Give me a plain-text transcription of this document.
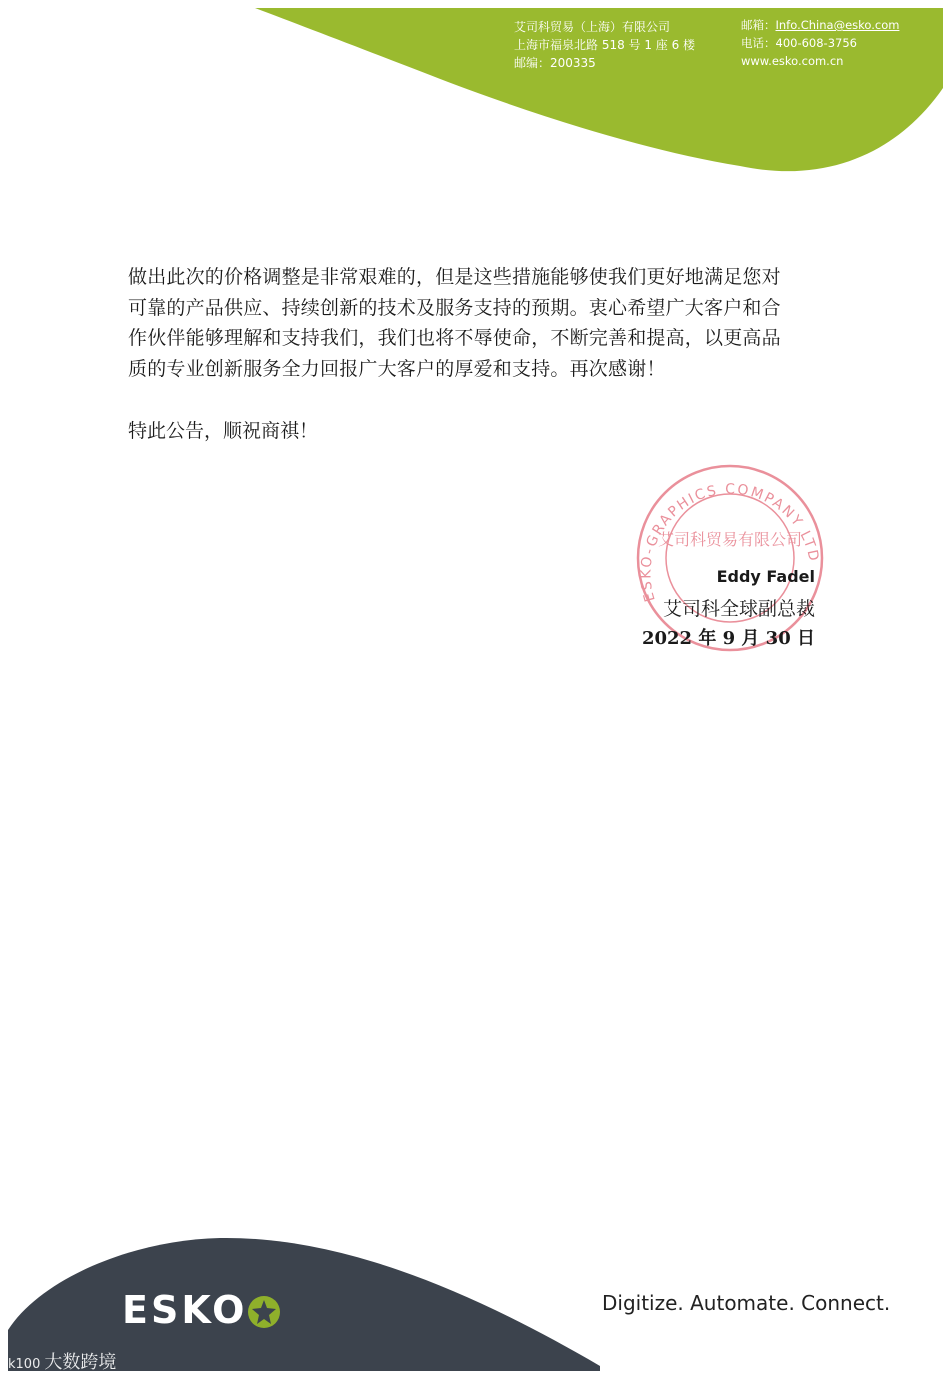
ESKO-GRAPHICS COMPANY LTD
艾司科贸易有限公司
艾司科贸易（上海）有限公司
上海市福泉北路 518 号 1 座 6 楼
邮编：200335
邮箱：Info.China@esko.com
电话：400-608-3756
www.esko.com.cn
做出此次的价格调整是非常艰难的，但是这些措施能够使我们更好地满足您对
可靠的产品供应、持续创新的技术及服务支持的预期。衷心希望广大客户和合
作伙伴能够理解和支持我们，我们也将不辱使命，不断完善和提高，以更高品
质的专业创新服务全力回报广大客户的厚爱和支持。再次感谢！
特此公告，顺祝商祺！
Eddy Fadel
艾司科全球副总裁
2022 年 9 月 30 日
ESKO	Digitize. Automate. Connect.
k100 大数跨境
